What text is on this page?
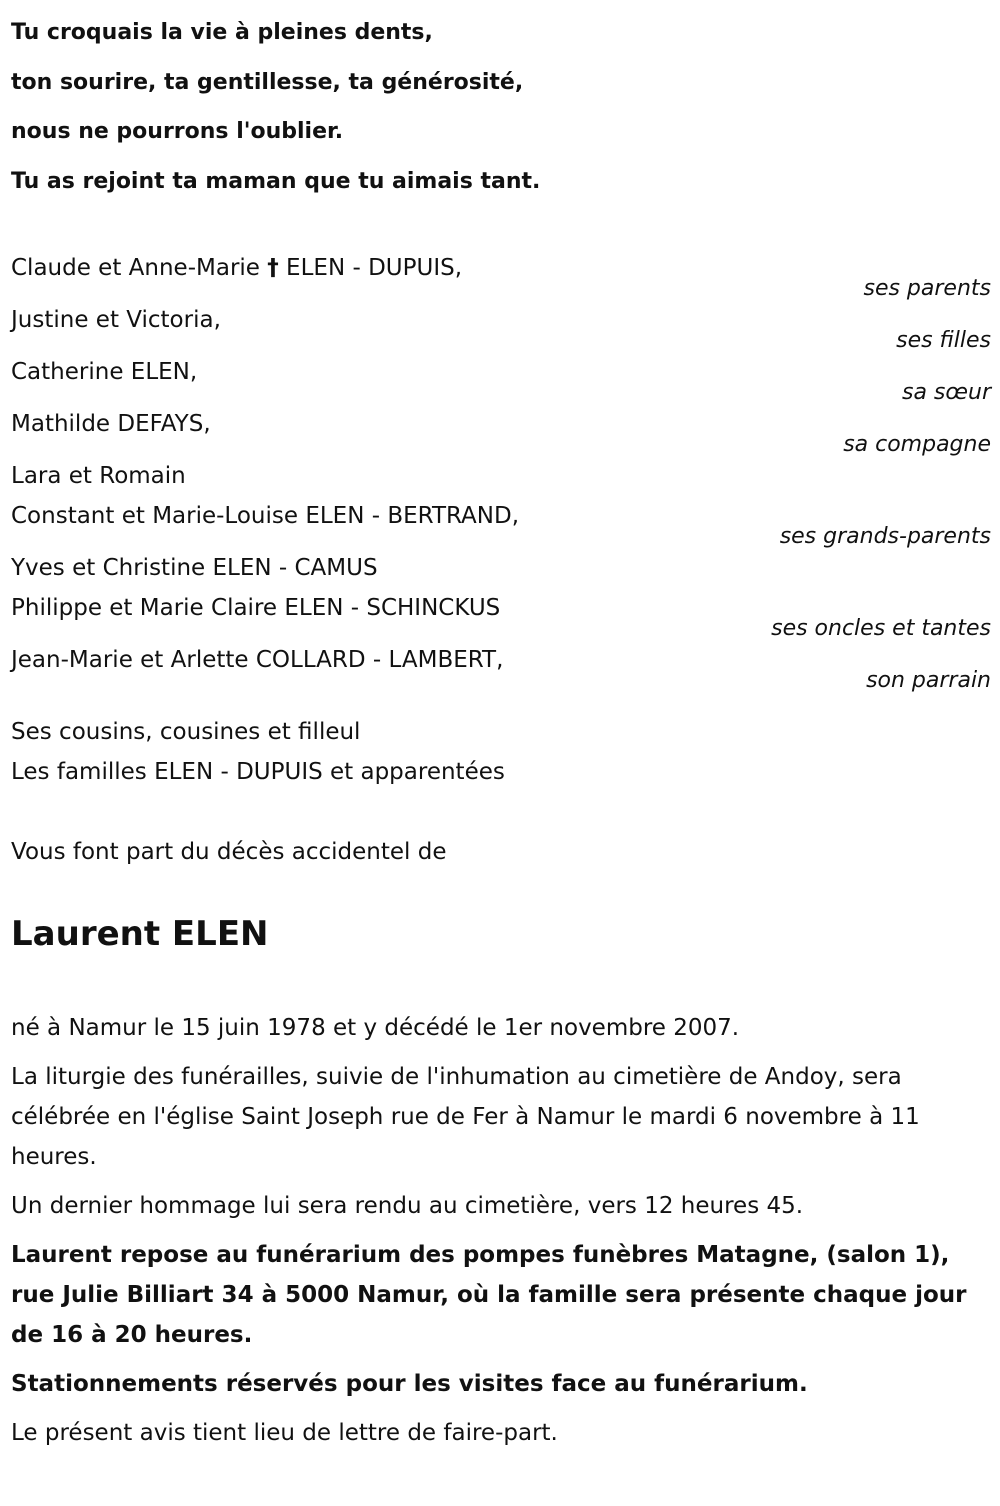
Tu croquais la vie à pleines dents,
ton sourire, ta gentillesse, ta générosité,
nous ne pourrons l'oublier.
Tu as rejoint ta maman que tu aimais tant.
Claude et Anne-Marie † ELEN - DUPUIS,
ses parents
Justine et Victoria,
ses filles
Catherine ELEN,
sa sœur
Mathilde DEFAYS,
sa compagne
Lara et Romain
Constant et Marie-Louise ELEN - BERTRAND,
ses grands-parents
Yves et Christine ELEN - CAMUS
Philippe et Marie Claire ELEN - SCHINCKUS
ses oncles et tantes
Jean-Marie et Arlette COLLARD - LAMBERT,
son parrain
Ses cousins, cousines et filleul
Les familles ELEN - DUPUIS et apparentées
Vous font part du décès accidentel de
Laurent ELEN
né à Namur le 15 juin 1978 et y décédé le 1er novembre 2007.
La liturgie des funérailles, suivie de l'inhumation au cimetière de Andoy, sera célébrée en l'église Saint Joseph rue de Fer à Namur le mardi 6 novembre à 11 heures.
Un dernier hommage lui sera rendu au cimetière, vers 12 heures 45.
Laurent repose au funérarium des pompes funèbres Matagne, (salon 1), rue Julie Billiart 34 à 5000 Namur, où la famille sera présente chaque jour de 16 à 20 heures.
Stationnements réservés pour les visites face au funérarium.
Le présent avis tient lieu de lettre de faire-part.
